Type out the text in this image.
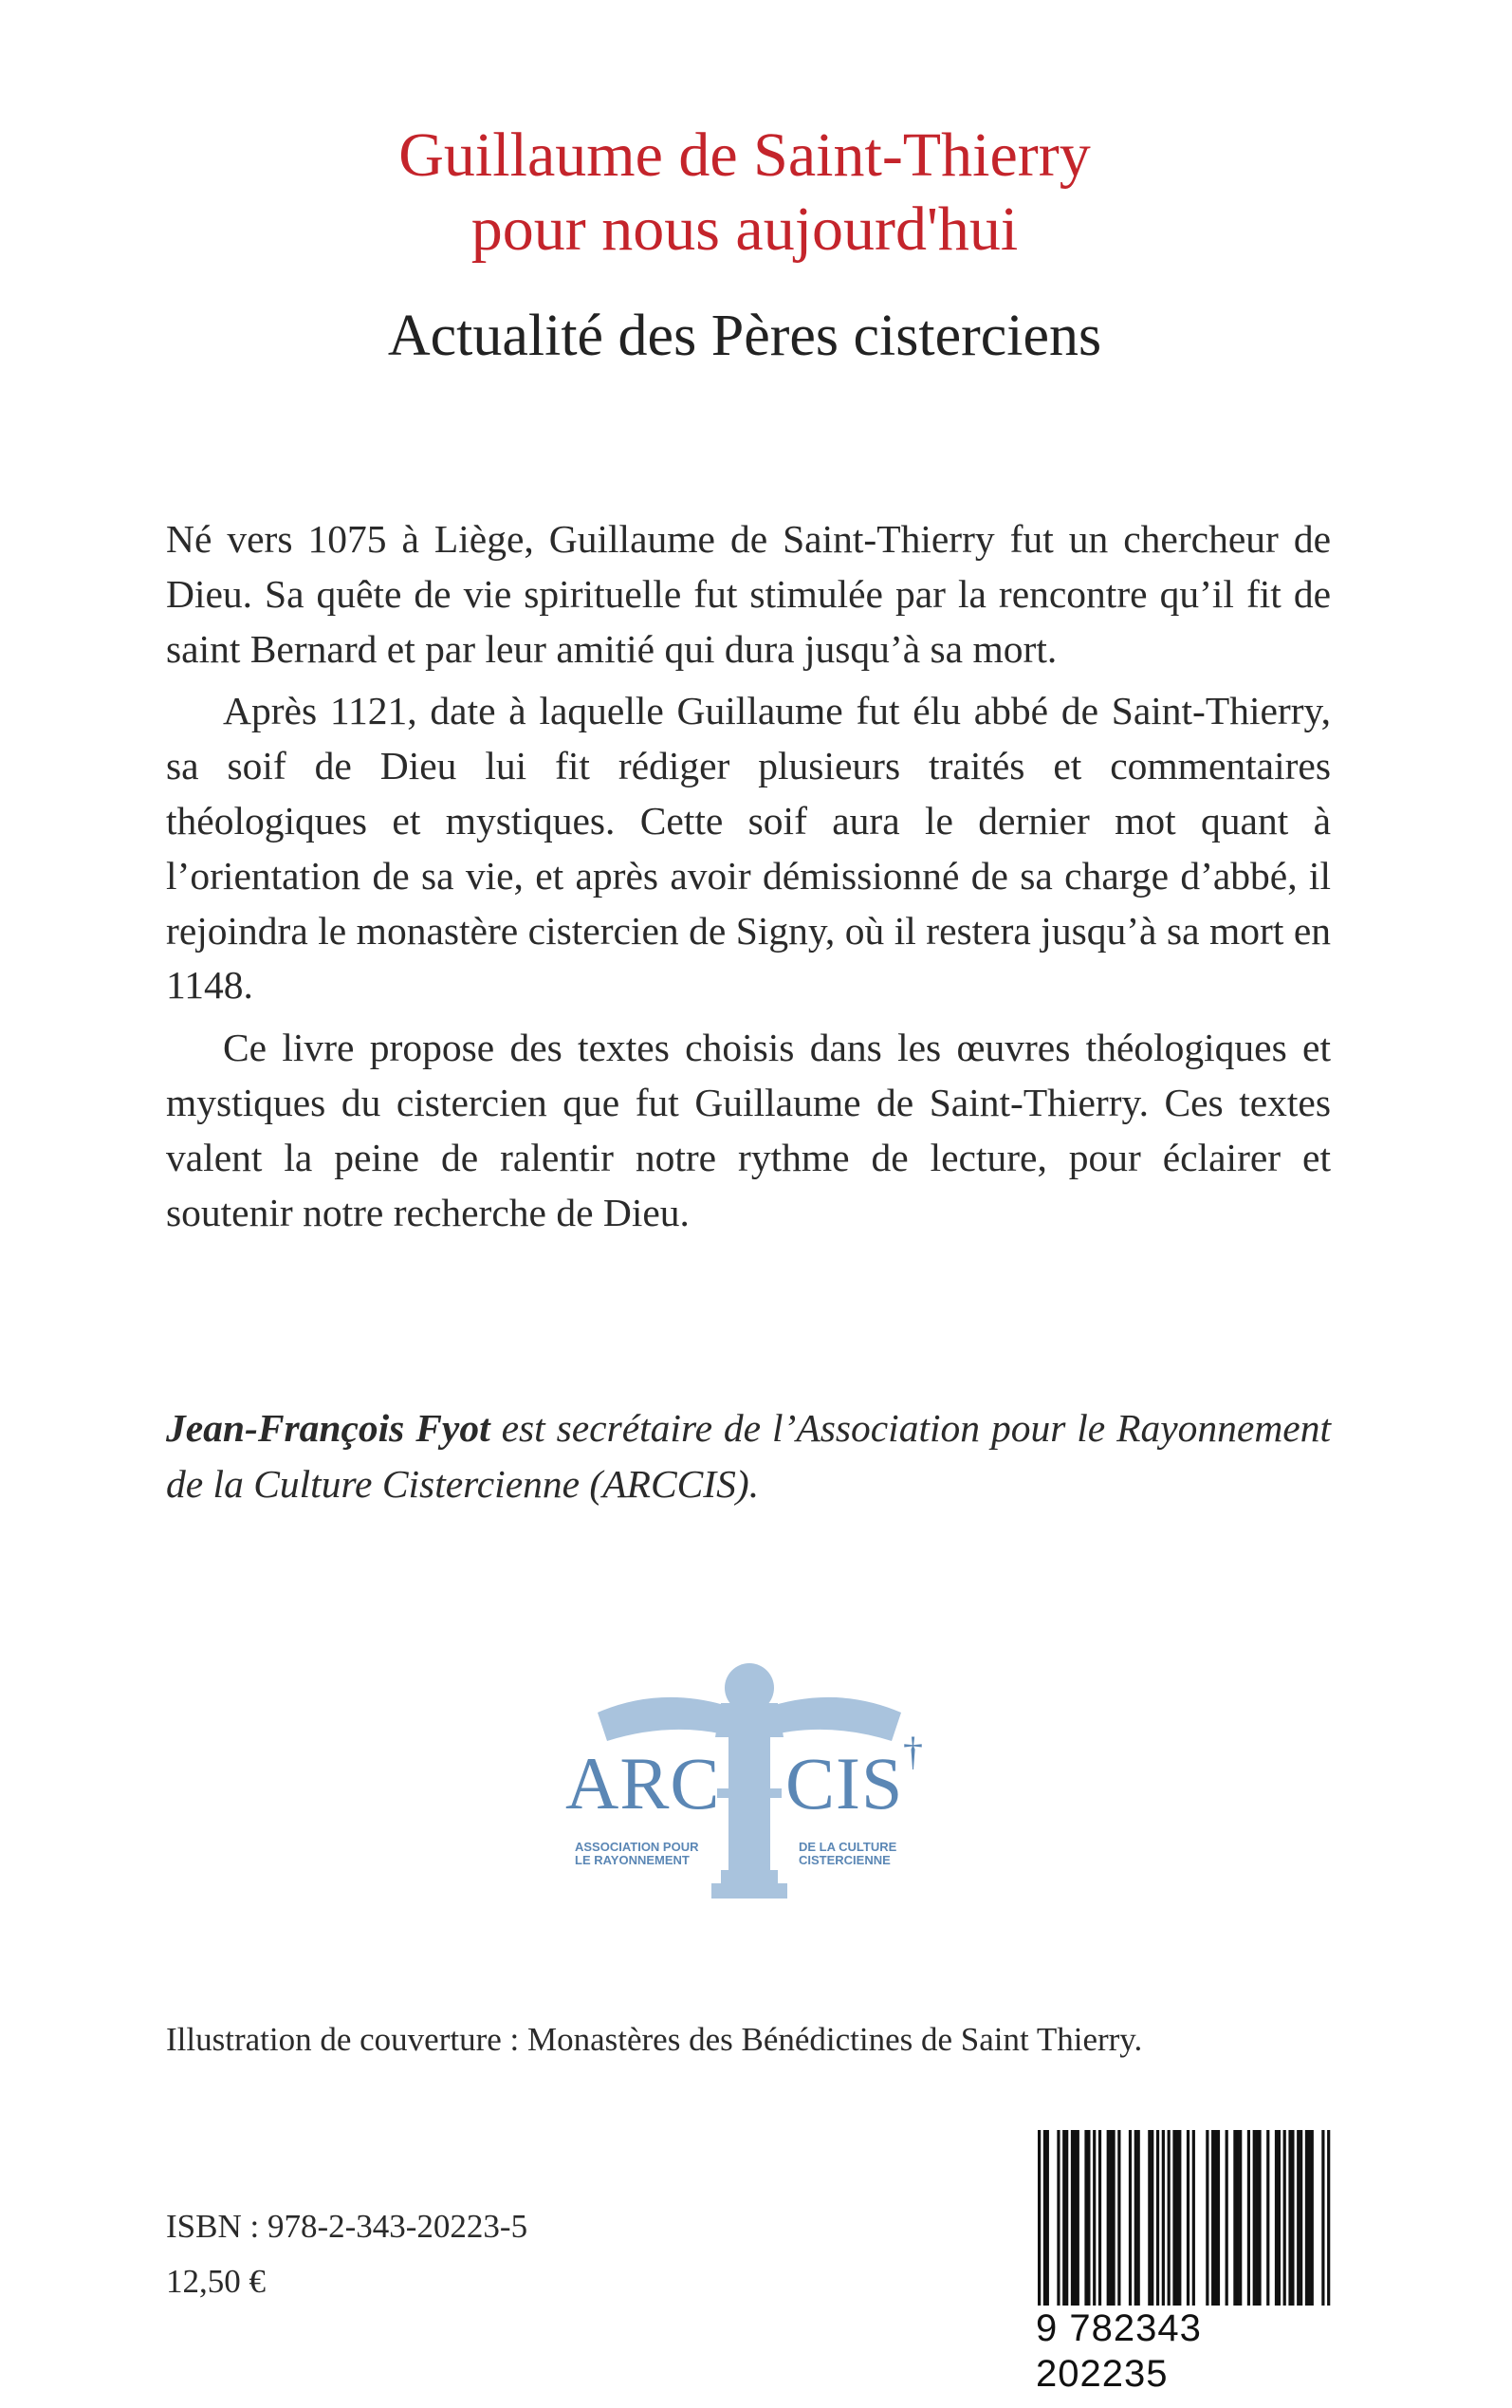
Guillaume de Saint-Thierry
pour nous aujourd'hui
Actualité des Pères cisterciens

Né vers 1075 à Liège, Guillaume de Saint-Thierry fut un chercheur de Dieu. Sa quête de vie spirituelle fut stimulée par la rencontre qu’il fit de saint Bernard et par leur amitié qui dura jusqu’à sa mort.

Après 1121, date à laquelle Guillaume fut élu abbé de Saint-Thierry, sa soif de Dieu lui fit rédiger plusieurs traités et commentaires théologiques et mystiques. Cette soif aura le dernier mot quant à l’orientation de sa vie, et après avoir démissionné de sa charge d’abbé, il rejoindra le monastère cistercien de Signy, où il restera jusqu’à sa mort en 1148.

Ce livre propose des textes choisis dans les œuvres théologiques et mystiques du cistercien que fut Guillaume de Saint-Thierry. Ces textes valent la peine de ralentir notre rythme de lecture, pour éclairer et soutenir notre recherche de Dieu.

Jean-François Fyot est secrétaire de l’Association pour le Rayonnement de la Culture Cistercienne (ARCCIS).
ARC CIS †
ASSOCIATION POUR
LE RAYONNEMENT
DE LA CULTURE
CISTERCIENNE
Illustration de couverture : Monastères des Bénédictines de Saint Thierry.
ISBN : 978-2-343-20223-5
12,50 €
9 782343 202235
